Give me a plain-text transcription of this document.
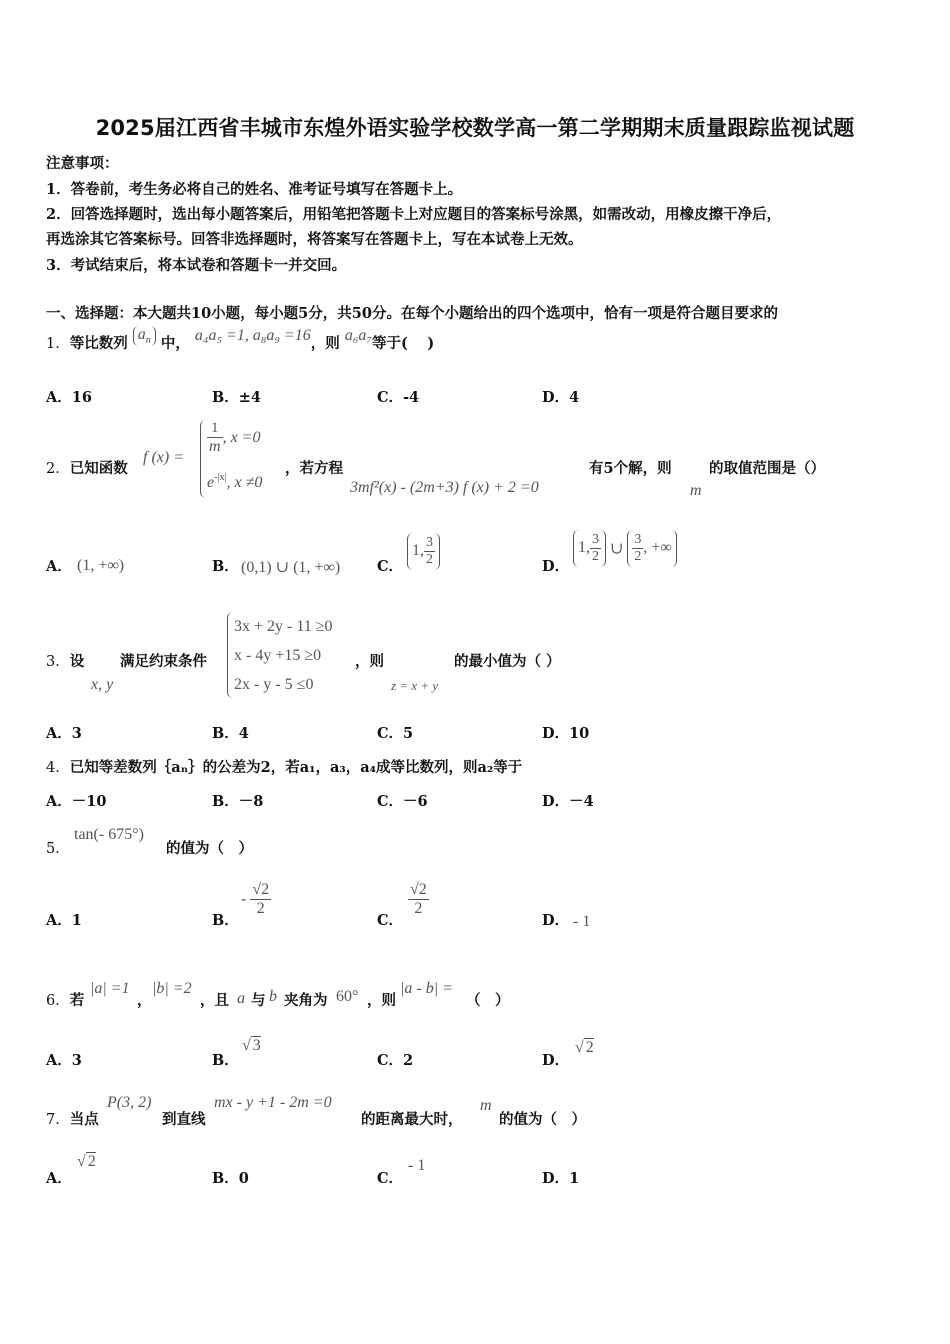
2025届江西省丰城市东煌外语实验学校数学高一第二学期期末质量跟踪监视试题
注意事项：
1．答卷前，考生务必将自己的姓名、准考证号填写在答题卡上。
2．回答选择题时，选出每小题答案后，用铅笔把答题卡上对应题目的答案标号涂黑，如需改动，用橡皮擦干净后，
再选涂其它答案标号。回答非选择题时，将答案写在答题卡上，写在本试卷上无效。
3．考试结束后，将本试卷和答题卡一并交回。
一、选择题：本大题共10小题，每小题5分，共50分。在每个小题给出的四个选项中，恰有一项是符合题目要求的
1．等比数列 $a_n$ 中， a₄a₅ =1, a₈a₉ =16，则 a₆a₇等于(　 )
A．16	B．±4	C．-4	D．4
2．已知函数
f (x) =
$\frac{1}{m}$ , x =0
$e^{-|x|}$, x ≠0
，若方程
3mf²(x) - (2m+3) f (x) + 2 =0
有5个解，则
m
的取值范围是（）
A． (1, +∞)	B． (0,1) ∪ (1, +∞)	C．
1, $\frac{3}{2}$	D．
1, $\frac{3}{2}$ ∪ $\frac{3}{2}$ , +∞
3．设
x, y
满足约束条件
3x + 2y - 11 ≥0
x - 4y +15 ≥0
2x - y - 5 ≤0
，则
z = x + y
的最小值为（ ）
A．3	B．4	C．5	D．10
4．已知等差数列｛aₙ｝的公差为2，若a₁，a₃，a₄成等比数列，则a₂等于
A．－10	B．－8	C．－6	D．－4
5．
tan(- 675°)
的值为（　）
A．1	B．
- $\frac{√2}{2}$
C．
$\frac{√2}{2}$
D． - 1
6．若
|a| =1
，
|b| =2
，且 a 与 b 夹角为 60° ，则
|a - b| =
（　）
A．3	B．
√ 3
C．2	D．
√ 2
7．当点
P(3, 2)
到直线
mx - y +1 - 2m =0
的距离最大时，
m
的值为（　）
A．
√ 2
B．0	C．
- 1
D．1
